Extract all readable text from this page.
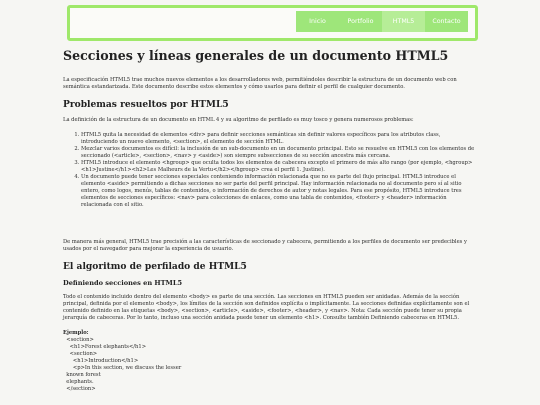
Inicio	Portfolio	HTML5	Contacto
Secciones y líneas generales de un documento HTML5

La especificación HTML5 trae muchos nuevos elementos a los desarrolladores web, permitiéndoles describir la estructura de un documento web con semántica estandarizada. Este documento describe estos elementos y cómo usarlos para definir el perfil de cualquier documento.

Problemas resueltos por HTML5

La definición de la estructura de un documento en HTML 4 y su algoritmo de perfilado es muy tosco y genera numerosos problemas:

1. HTML5 quita la necesidad de elementos <div> para definir secciones semánticas sin definir valores específicos para los atributos class, introduciendo un nuevo elemento, <section>, el elemento de sección HTML.
2. Mezclar varios documentos es difícil: la inclusión de un sub-documento en un documento principal. Esto se resuelve en HTML5 con los elementos de seccionado (<article>, <section>, <nav> y <aside>) son siempre subsecciones de su sección ancestra más cercana.
3. HTML5 introduce el elemento <hgroup> que oculta todos los elementos de cabecera excepto el primero de más alto rango (por ejemplo, <hgroup><h1>Justine</h1><h2>Les Malheurs de la Vertu</h2></hgroup> crea el perfil 1. Justine).
4. Un documento puede tener secciones especiales conteniendo información relacionada que no es parte del flujo principal. HTML5 introduce el elemento <aside> permitiendo a dichas secciones no ser parte del perfil principal. Hay información relacionada no al documento pero sí al sitio entero, como logos, menús, tablas de contenidos, o información de derechos de autor y notas legales. Para ese propósito, HTML5 introduce tres elementos de secciones específicos: <nav> para colecciones de enlaces, como una tabla de contenidos, <footer> y <header> información relacionada con el sitio.

De manera más general, HTML5 trae precisión a las características de seccionado y cabecera, permitiendo a los perfiles de documento ser predecibles y usados por el navegador para mejorar la experiencia de usuario.

El algoritmo de perfilado de HTML5
Definiendo secciones en HTML5

Todo el contenido incluido dentro del elemento <body> es parte de una sección. Las secciones en HTML5 pueden ser anidadas. Además de la sección principal, definida por el elemento <body>, los límites de la sección son definidos explícita o implícitamente. La secciones definidas explícitamente son el contenido definido en las etiquetas <body>, <section>, <article>, <aside>, <footer>, <header>, y <nav>. Nota: Cada sección puede tener su propia jerarquía de cabeceras. Por lo tanto, incluso una sección anidada puede tener un elemento <h1>. Consulte también Definiendo cabeceras en HTML5.

Ejemplo:
<section>
<h1>Forest elephants</h1>
<section>
<h1>Introduction</h1>
<p>In this section, we discuss the lesser
known forest
elephants.
</section>
